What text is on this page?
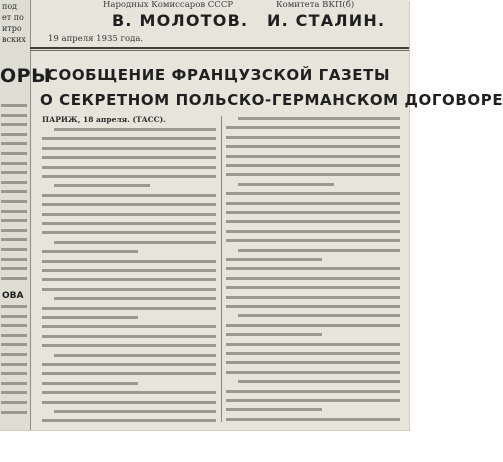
под
ет по
итро
вских
ОРЫ
ОВА
Народных Комиссаров СССР
В. МОЛОТОВ.
Комитета ВКП(б)
И. СТАЛИН.
19 апреля 1935 года.
СООБЩЕНИЕ ФРАНЦУЗСКОЙ ГАЗЕТЫ
О СЕКРЕТНОМ ПОЛЬСКО-ГЕРМАНСКОМ ДОГОВОРЕ
ПАРИЖ, 18 апреля. (ТАСС).
